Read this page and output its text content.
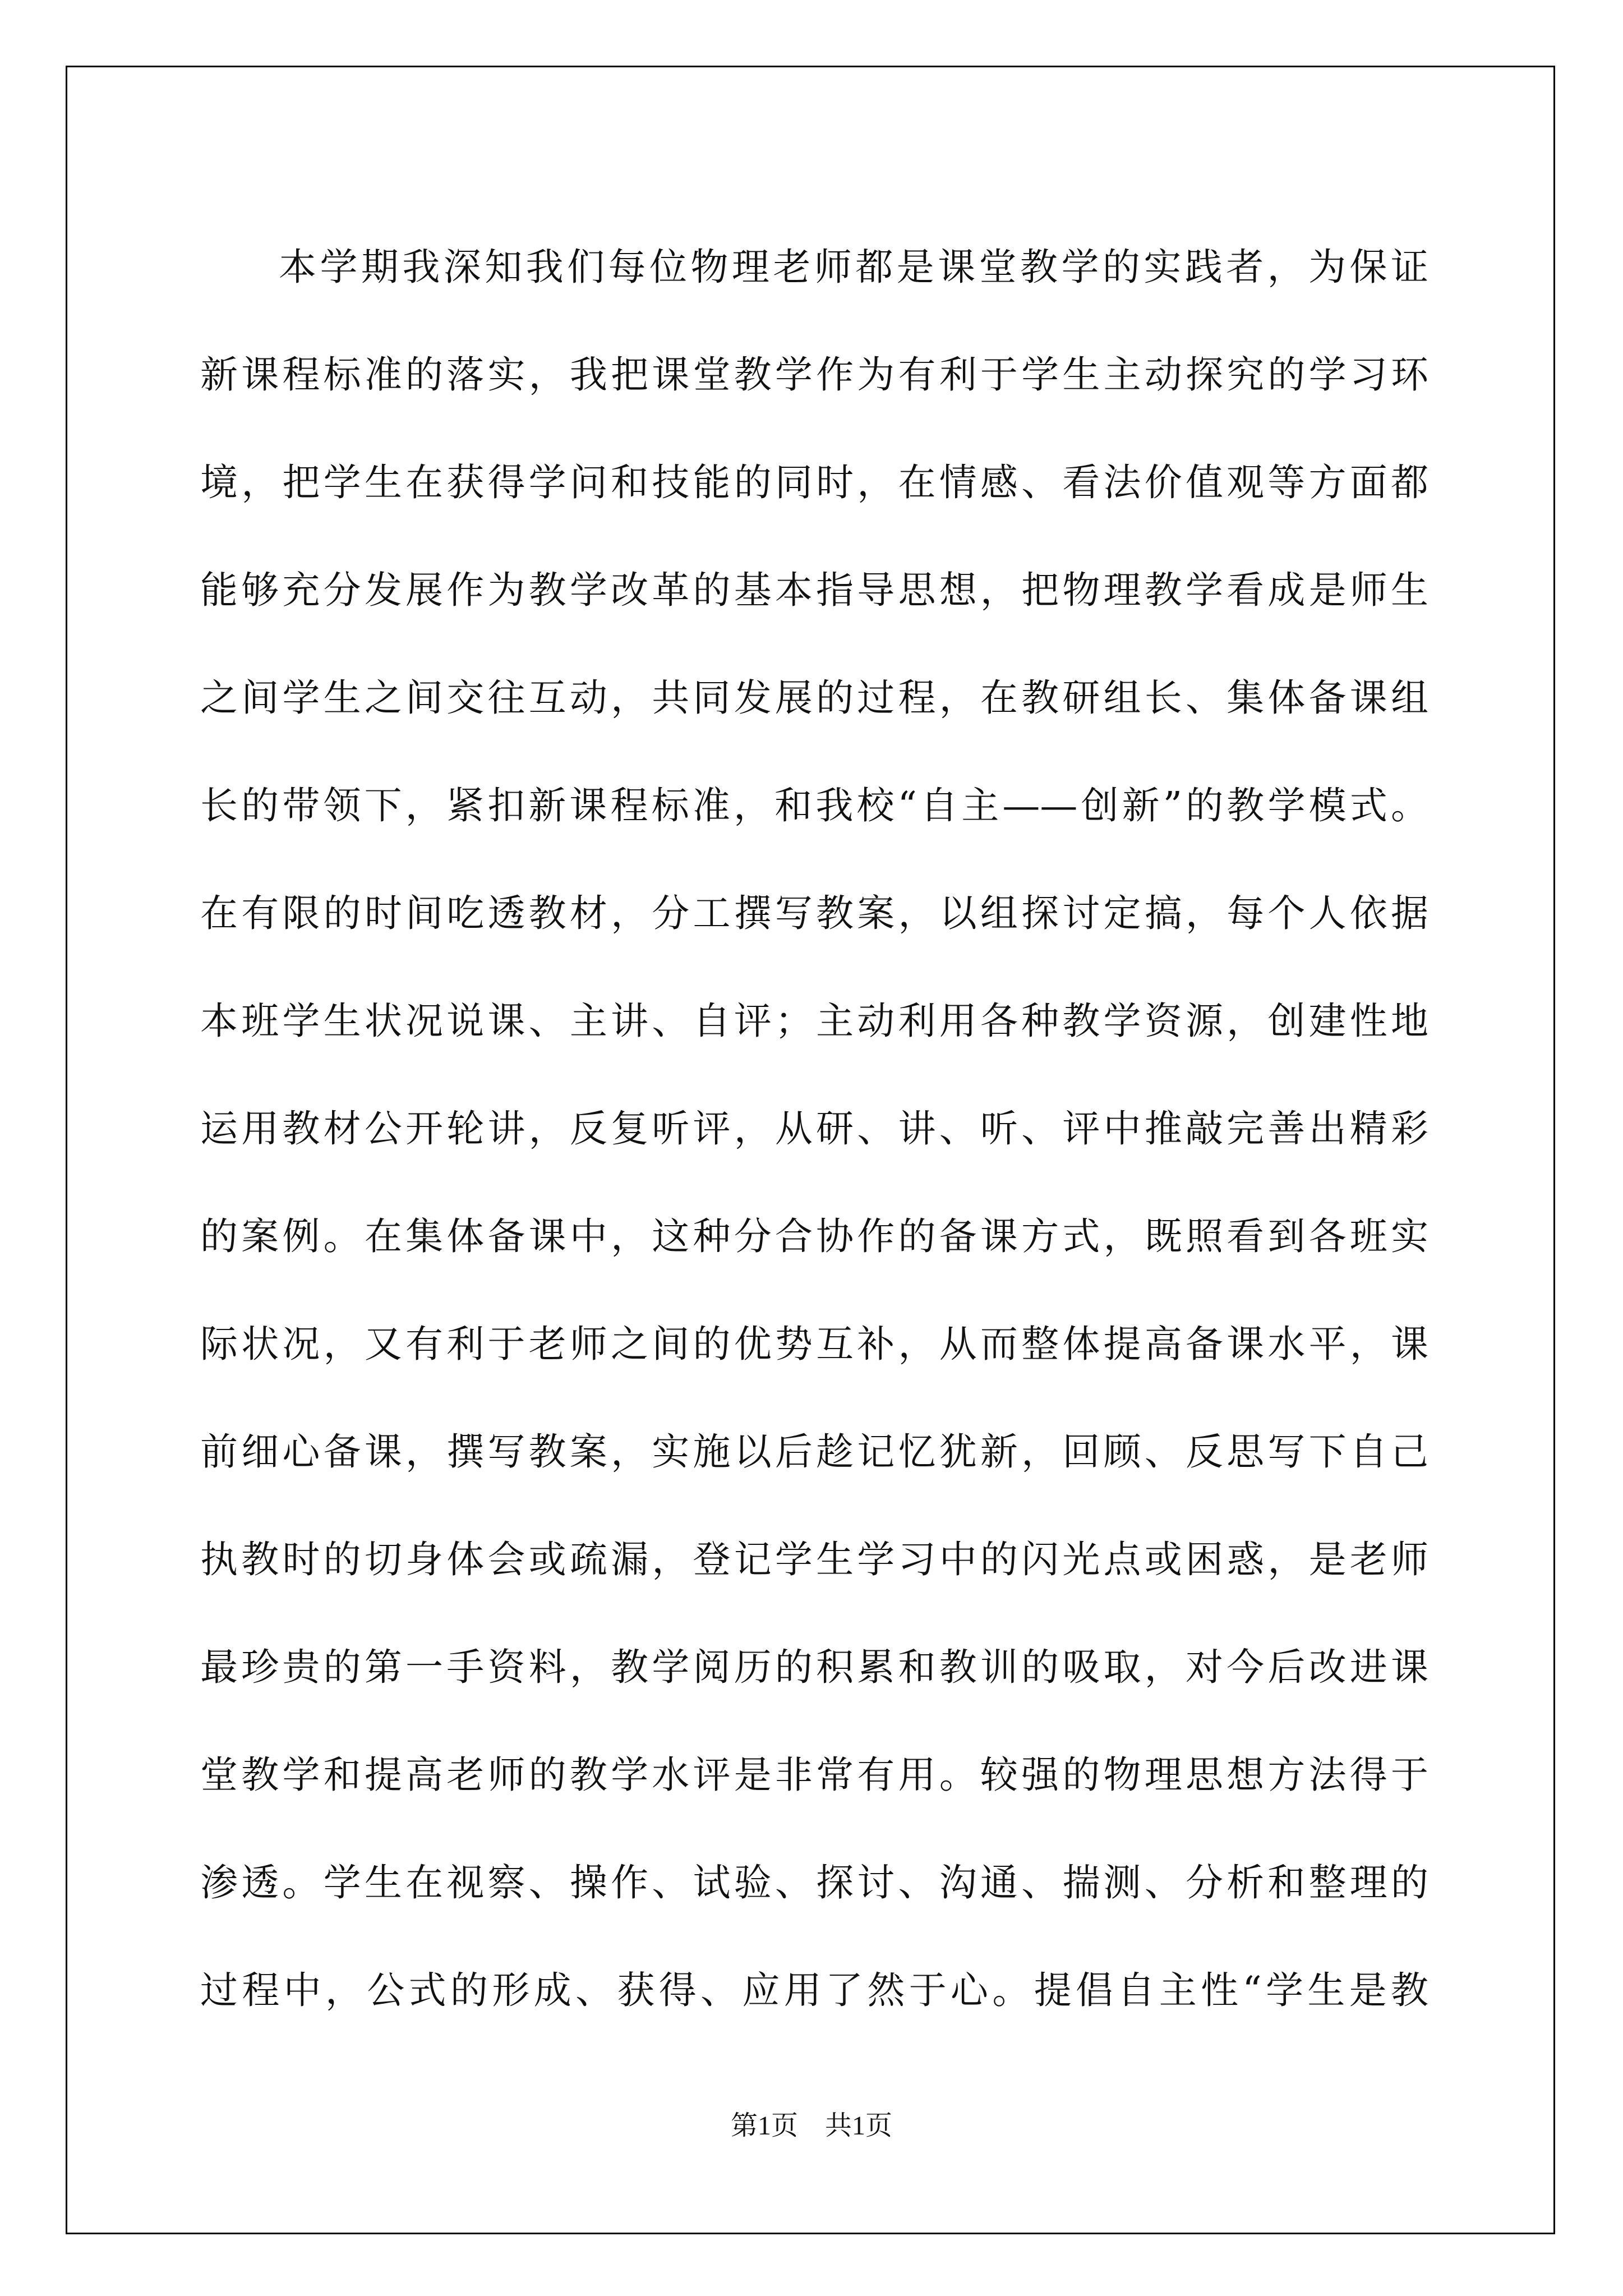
本学期我深知我们每位物理老师都是课堂教学的实践者，为保证
新课程标准的落实，我把课堂教学作为有利于学生主动探究的学习环
境，把学生在获得学问和技能的同时，在情感、看法价值观等方面都
能够充分发展作为教学改革的基本指导思想，把物理教学看成是师生
之间学生之间交往互动，共同发展的过程，在教研组长、集体备课组
长的带领下，紧扣新课程标准，和我校“自主——创新”的教学模式。
在有限的时间吃透教材，分工撰写教案，以组探讨定搞，每个人依据
本班学生状况说课、主讲、自评；主动利用各种教学资源，创建性地
运用教材公开轮讲，反复听评，从研、讲、听、评中推敲完善出精彩
的案例。在集体备课中，这种分合协作的备课方式，既照看到各班实
际状况，又有利于老师之间的优势互补，从而整体提高备课水平，课
前细心备课，撰写教案，实施以后趁记忆犹新，回顾、反思写下自己
执教时的切身体会或疏漏，登记学生学习中的闪光点或困惑，是老师
最珍贵的第一手资料，教学阅历的积累和教训的吸取，对今后改进课
堂教学和提高老师的教学水评是非常有用。较强的物理思想方法得于
渗透。学生在视察、操作、试验、探讨、沟通、揣测、分析和整理的
过程中，公式的形成、获得、应用了然于心。提倡自主性“学生是教
第1页　共1页
